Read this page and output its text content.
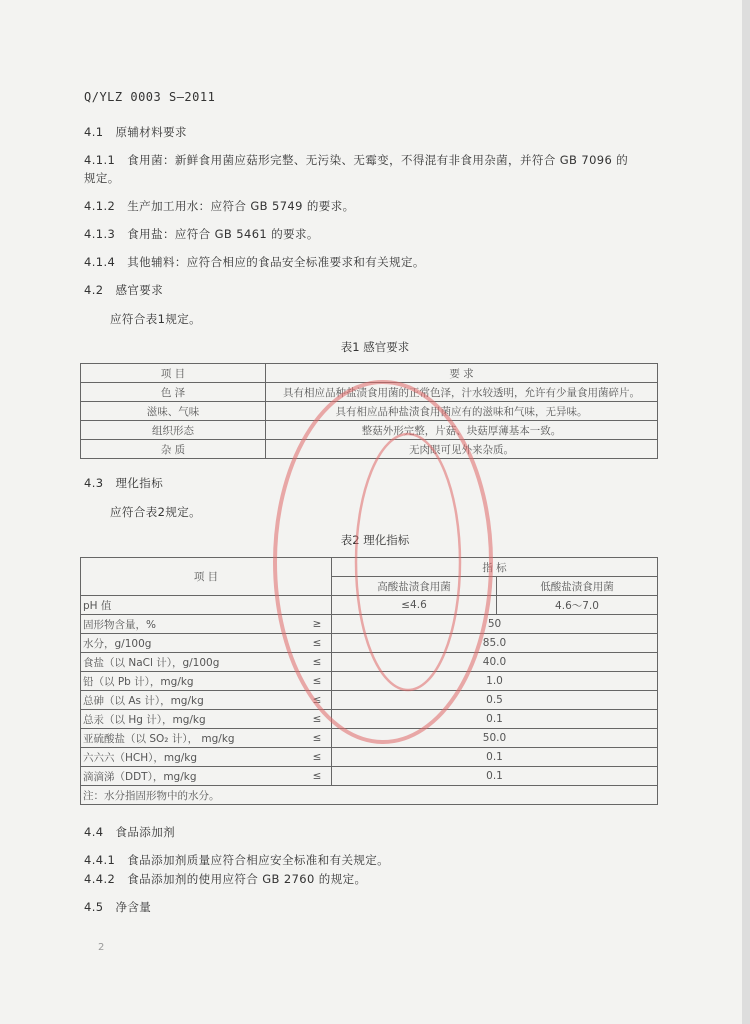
Q/YLZ 0003 S—2011
4.1 原辅材料要求
4.1.1 食用菌：新鲜食用菌应菇形完整、无污染、无霉变，不得混有非食用杂菌，并符合 GB 7096 的
规定。
4.1.2 生产加工用水：应符合 GB 5749 的要求。
4.1.3 食用盐：应符合 GB 5461 的要求。
4.1.4 其他辅料：应符合相应的食品安全标准要求和有关规定。
4.2 感官要求
应符合表1规定。
表1 感官要求
项 目	要 求
色 泽	具有相应品种盐渍食用菌的正常色泽，汁水较透明，允许有少量食用菌碎片。
滋味、气味	具有相应品种盐渍食用菌应有的滋味和气味，无异味。
组织形态	整菇外形完整，片菇、块菇厚薄基本一致。
杂 质	无肉眼可见外来杂质。
4.3 理化指标
应符合表2规定。
表2 理化指标
项 目		指 标	
		高酸盐渍食用菌	低酸盐渍食用菌
pH 值		≤4.6	4.6～7.0
固形物含量，%	≥	50	
水分，g/100g	≤	85.0	
食盐（以 NaCl 计），g/100g	≤	40.0	
铅（以 Pb 计），mg/kg	≤	1.0	
总砷（以 As 计），mg/kg	≤	0.5	
总汞（以 Hg 计），mg/kg	≤	0.1	
亚硫酸盐（以 SO₂ 计）， mg/kg	≤	50.0	
六六六（HCH），mg/kg	≤	0.1	
滴滴涕（DDT），mg/kg	≤	0.1	
注：水分指固形物中的水分。			
4.4 食品添加剂
4.4.1 食品添加剂质量应符合相应安全标准和有关规定。
4.4.2 食品添加剂的使用应符合 GB 2760 的规定。
4.5 净含量
2
